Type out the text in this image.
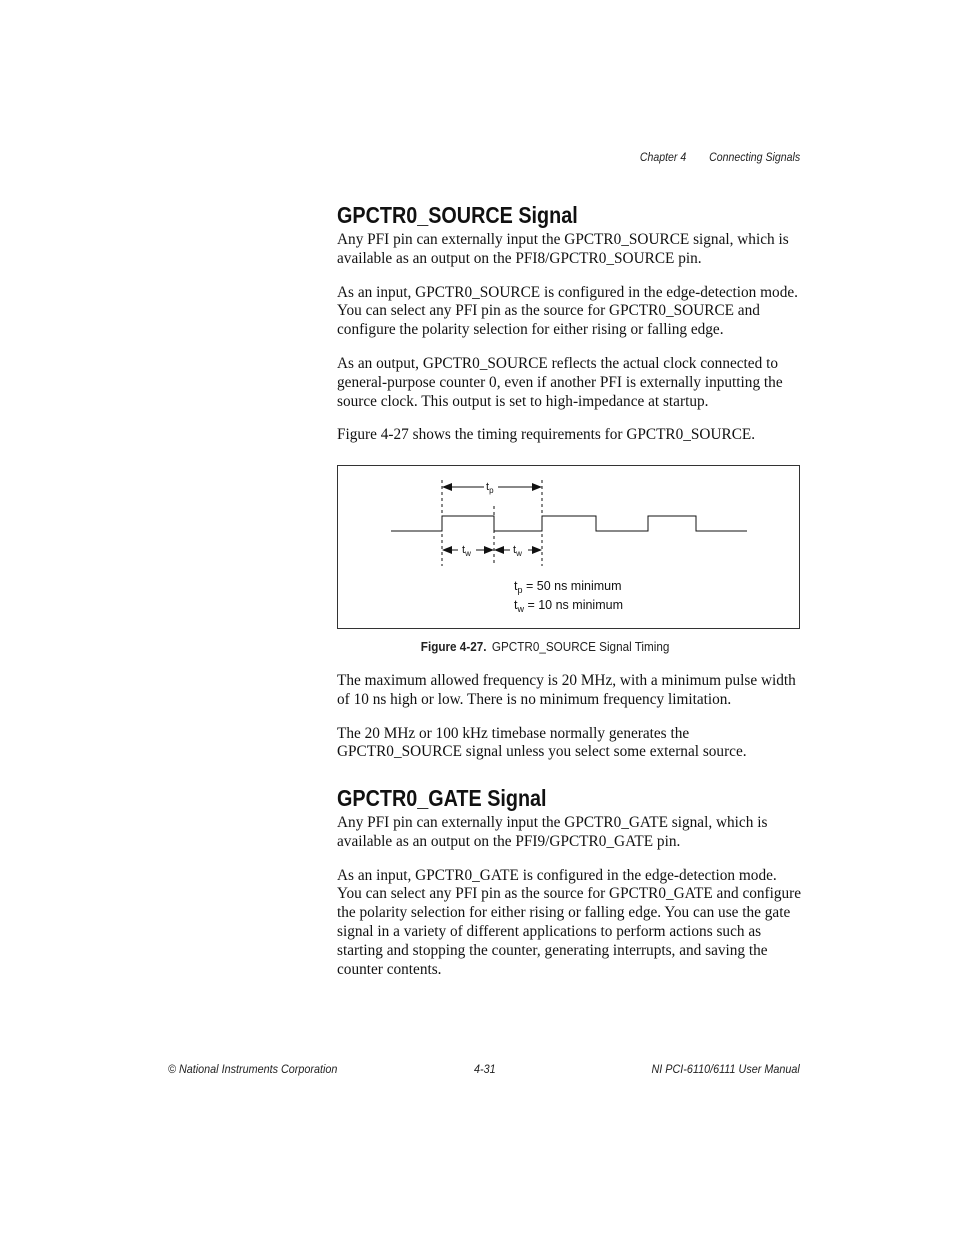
Chapter 4 Connecting Signals
GPCTR0_SOURCE Signal

Any PFI pin can externally input the GPCTR0_SOURCE signal, which is available as an output on the PFI8/GPCTR0_SOURCE pin.

As an input, GPCTR0_SOURCE is configured in the edge-detection mode. You can select any PFI pin as the source for GPCTR0_SOURCE and configure the polarity selection for either rising or falling edge.

As an output, GPCTR0_SOURCE reflects the actual clock connected to general-purpose counter 0, even if another PFI is externally inputting the source clock. This output is set to high-impedance at startup.

Figure 4-27 shows the timing requirements for GPCTR0_SOURCE.

$t_p$
$t_w$	$t_w$
$t_p = 50$ ns minimum
$t_w = 10$ ns minimum
Figure 4-27. GPCTR0_SOURCE Signal Timing

The maximum allowed frequency is 20 MHz, with a minimum pulse width of 10 ns high or low. There is no minimum frequency limitation.

The 20 MHz or 100 kHz timebase normally generates the GPCTR0_SOURCE signal unless you select some external source.

GPCTR0_GATE Signal

Any PFI pin can externally input the GPCTR0_GATE signal, which is available as an output on the PFI9/GPCTR0_GATE pin.

As an input, GPCTR0_GATE is configured in the edge-detection mode. You can select any PFI pin as the source for GPCTR0_GATE and configure the polarity selection for either rising or falling edge. You can use the gate signal in a variety of different applications to perform actions such as starting and stopping the counter, generating interrupts, and saving the counter contents.

© National Instruments Corporation	4-31	NI PCI-6110/6111 User Manual
